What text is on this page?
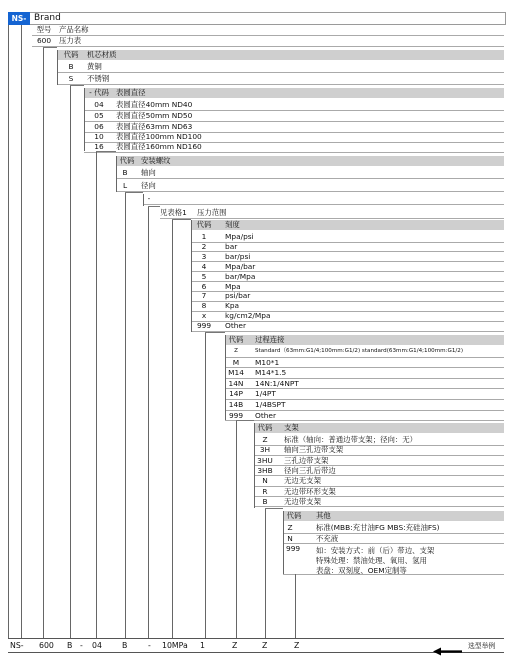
NS- Brand
型号	产品名称
600	压力表
代码	机芯材质
B	黄铜
S	不锈钢
- 代码 表圆直径
04	表圆直径40mm ND40
05	表圆直径50mm ND50
06	表圆直径63mm ND63
10	表圆直径100mm ND100
16	表圆直径160mm ND160
代码 安装螺纹
B	轴向
L	径向
-
见表格1	压力范围
代码	刻度
1	Mpa/psi
2	bar
3	bar/psi
4	Mpa/bar
5	bar/Mpa
6	Mpa
7	psi/bar
8	Kpa
x	kg/cm2/Mpa
999	Other
代码	过程连接
Z	Standard（63mm:G1/4;100mm:G1/2) standard(63mm:G1/4;100mm:G1/2)
M	M10*1
M14	M14*1.5
14N	14N:1/4NPT
14P	1/4PT
14B	1/4BSPT
999	Other
代码	支架
Z	标准（轴向：普通边带支架；径向：无）
3H	轴向三孔边带支架
3HU	三孔边带支架
3HB	径向三孔后带边
N	无边无支架
R	无边带环形支架
B	无边带支架
代码	其他
Z	标准(MBB:充甘油FG MBS:充硅油FS)
N	不充液
999 如：安装方式：前（后）带边、支架
特殊处理：禁油处理、氧用、氢用
表盘：双刻度、OEM定制等
NS- 600 B - 04	B	- 10MPa 1	Z	Z	Z	选型举例
